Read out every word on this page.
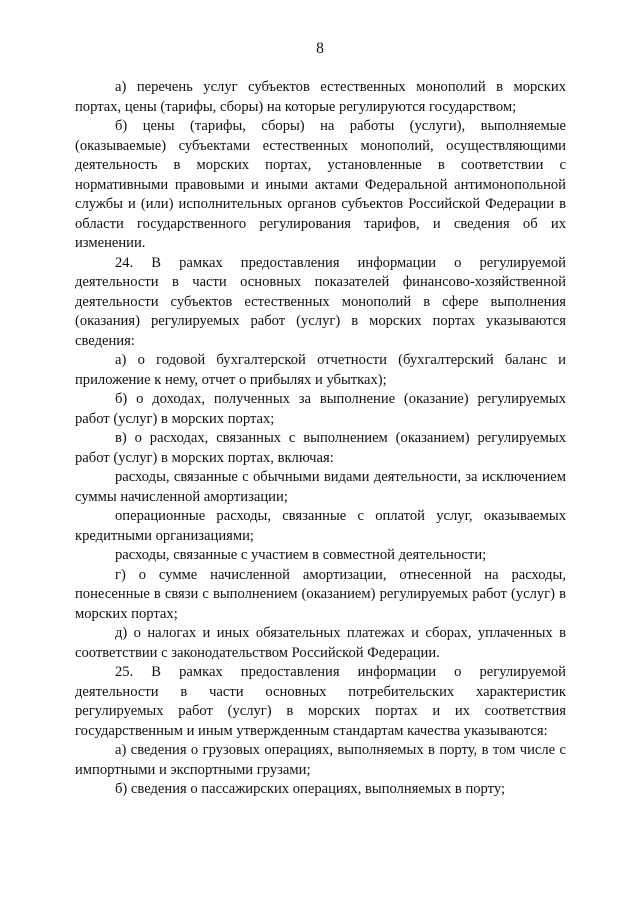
8

а) перечень услуг субъектов естественных монополий в морских портах, цены (тарифы, сборы) на которые регулируются государством;

б) цены (тарифы, сборы) на работы (услуги), выполняемые (оказываемые) субъектами естественных монополий, осуществляющими деятельность в морских портах, установленные в соответствии с нормативными правовыми и иными актами Федеральной антимонопольной службы и (или) исполнительных органов субъектов Российской Федерации в области государственного регулирования тарифов, и сведения об их изменении.

24. В рамках предоставления информации о регулируемой деятельности в части основных показателей финансово-хозяйственной деятельности субъектов естественных монополий в сфере выполнения (оказания) регулируемых работ (услуг) в морских портах указываются сведения:

а) о годовой бухгалтерской отчетности (бухгалтерский баланс и приложение к нему, отчет о прибылях и убытках);

б) о доходах, полученных за выполнение (оказание) регулируемых работ (услуг) в морских портах;

в) о расходах, связанных с выполнением (оказанием) регулируемых работ (услуг) в морских портах, включая:

расходы, связанные с обычными видами деятельности, за исключением суммы начисленной амортизации;

операционные расходы, связанные с оплатой услуг, оказываемых кредитными организациями;

расходы, связанные с участием в совместной деятельности;

г) о сумме начисленной амортизации, отнесенной на расходы, понесенные в связи с выполнением (оказанием) регулируемых работ (услуг) в морских портах;

д) о налогах и иных обязательных платежах и сборах, уплаченных в соответствии с законодательством Российской Федерации.

25. В рамках предоставления информации о регулируемой деятельности в части основных потребительских характеристик регулируемых работ (услуг) в морских портах и их соответствия государственным и иным утвержденным стандартам качества указываются:

а) сведения о грузовых операциях, выполняемых в порту, в том числе с импортными и экспортными грузами;

б) сведения о пассажирских операциях, выполняемых в порту;
